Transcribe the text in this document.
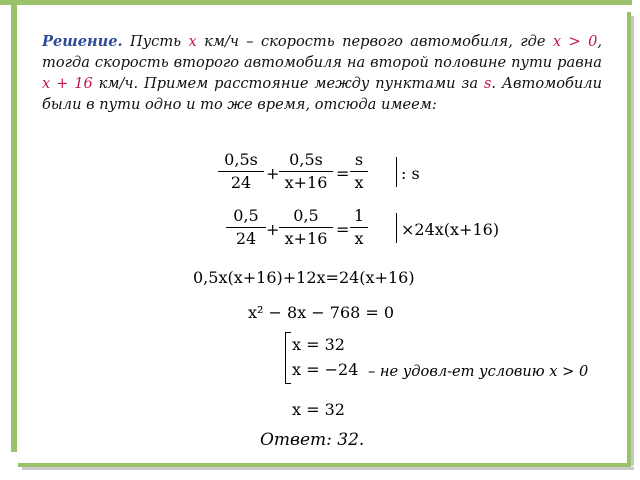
Решение. Пусть x км/ч – скорость первого автомобиля, где x > 0, тогда скорость второго автомобиля на второй половине пути равна x + 16 км/ч. Примем расстояние между пунктами за s. Автомобили были в пути одно и то же время, отсюда имеем:
$\frac{0,5s}{24} + \frac{0,5s}{x+16} = \frac{s}{x}$ : s
$\frac{0,5}{24} + \frac{0,5}{x+16} = \frac{1}{x} \times 24x(x+16)$
0,5x(x+16)+12x=24(x+16)
x² − 8x − 768 = 0
x = 32
x = −24 – не удовл-ет условию x > 0
x = 32
Ответ: 32.
